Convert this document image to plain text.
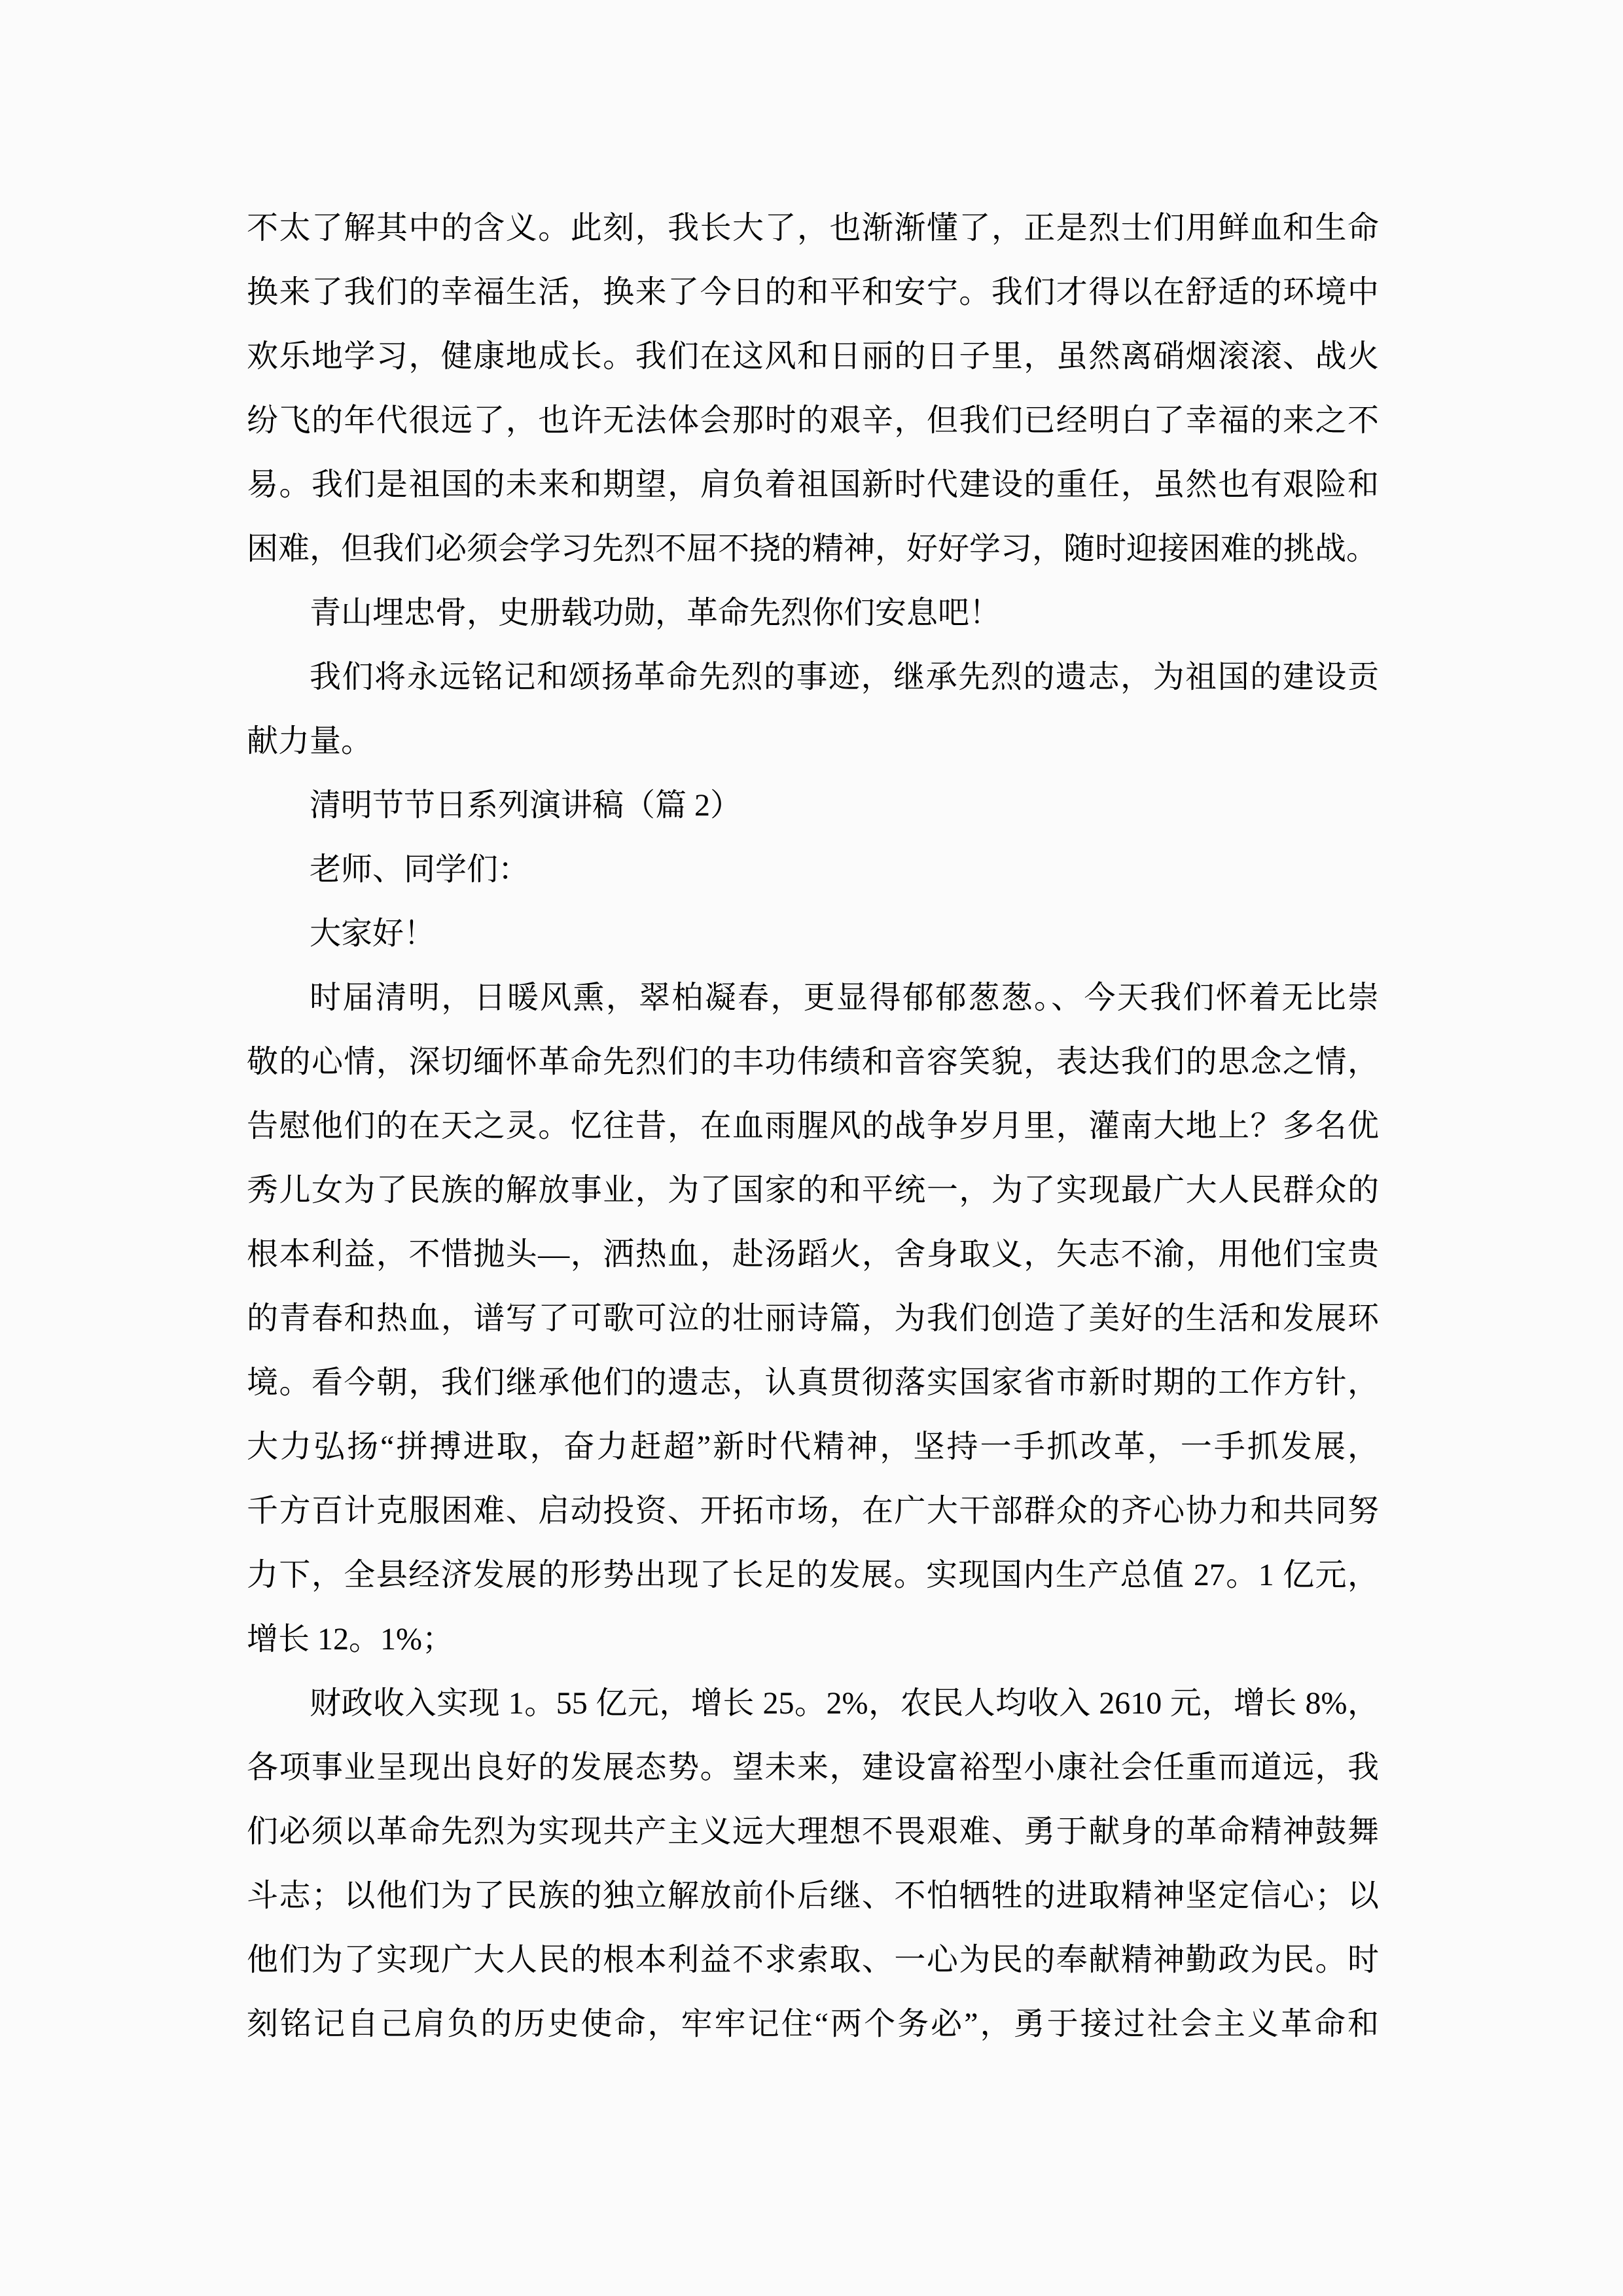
不太了解其中的含义。此刻，我长大了，也渐渐懂了，正是烈士们用鲜血和生命
换来了我们的幸福生活，换来了今日的和平和安宁。我们才得以在舒适的环境中
欢乐地学习，健康地成长。我们在这风和日丽的日子里，虽然离硝烟滚滚、战火
纷飞的年代很远了，也许无法体会那时的艰辛，但我们已经明白了幸福的来之不
易。我们是祖国的未来和期望，肩负着祖国新时代建设的重任，虽然也有艰险和
困难，但我们必须会学习先烈不屈不挠的精神，好好学习，随时迎接困难的挑战。
青山埋忠骨，史册载功勋，革命先烈你们安息吧！
我们将永远铭记和颂扬革命先烈的事迹，继承先烈的遗志，为祖国的建设贡
献力量。
清明节节日系列演讲稿（篇 2）
老师、同学们：
大家好！
时届清明，日暖风熏，翠柏凝春，更显得郁郁葱葱。、今天我们怀着无比崇
敬的心情，深切缅怀革命先烈们的丰功伟绩和音容笑貌，表达我们的思念之情，
告慰他们的在天之灵。忆往昔，在血雨腥风的战争岁月里，灌南大地上？多名优
秀儿女为了民族的解放事业，为了国家的和平统一，为了实现最广大人民群众的
根本利益，不惜抛头—，洒热血，赴汤蹈火，舍身取义，矢志不渝，用他们宝贵
的青春和热血，谱写了可歌可泣的壮丽诗篇，为我们创造了美好的生活和发展环
境。看今朝，我们继承他们的遗志，认真贯彻落实国家省市新时期的工作方针，
大力弘扬“拼搏进取，奋力赶超”新时代精神，坚持一手抓改革，一手抓发展，
千方百计克服困难、启动投资、开拓市场，在广大干部群众的齐心协力和共同努
力下，全县经济发展的形势出现了长足的发展。实现国内生产总值 27。1 亿元，
增长 12。1%；
财政收入实现 1。55 亿元，增长 25。2%，农民人均收入 2610 元，增长 8%，
各项事业呈现出良好的发展态势。望未来，建设富裕型小康社会任重而道远，我
们必须以革命先烈为实现共产主义远大理想不畏艰难、勇于献身的革命精神鼓舞
斗志；以他们为了民族的独立解放前仆后继、不怕牺牲的进取精神坚定信心；以
他们为了实现广大人民的根本利益不求索取、一心为民的奉献精神勤政为民。时
刻铭记自己肩负的历史使命，牢牢记住“两个务必”，勇于接过社会主义革命和
